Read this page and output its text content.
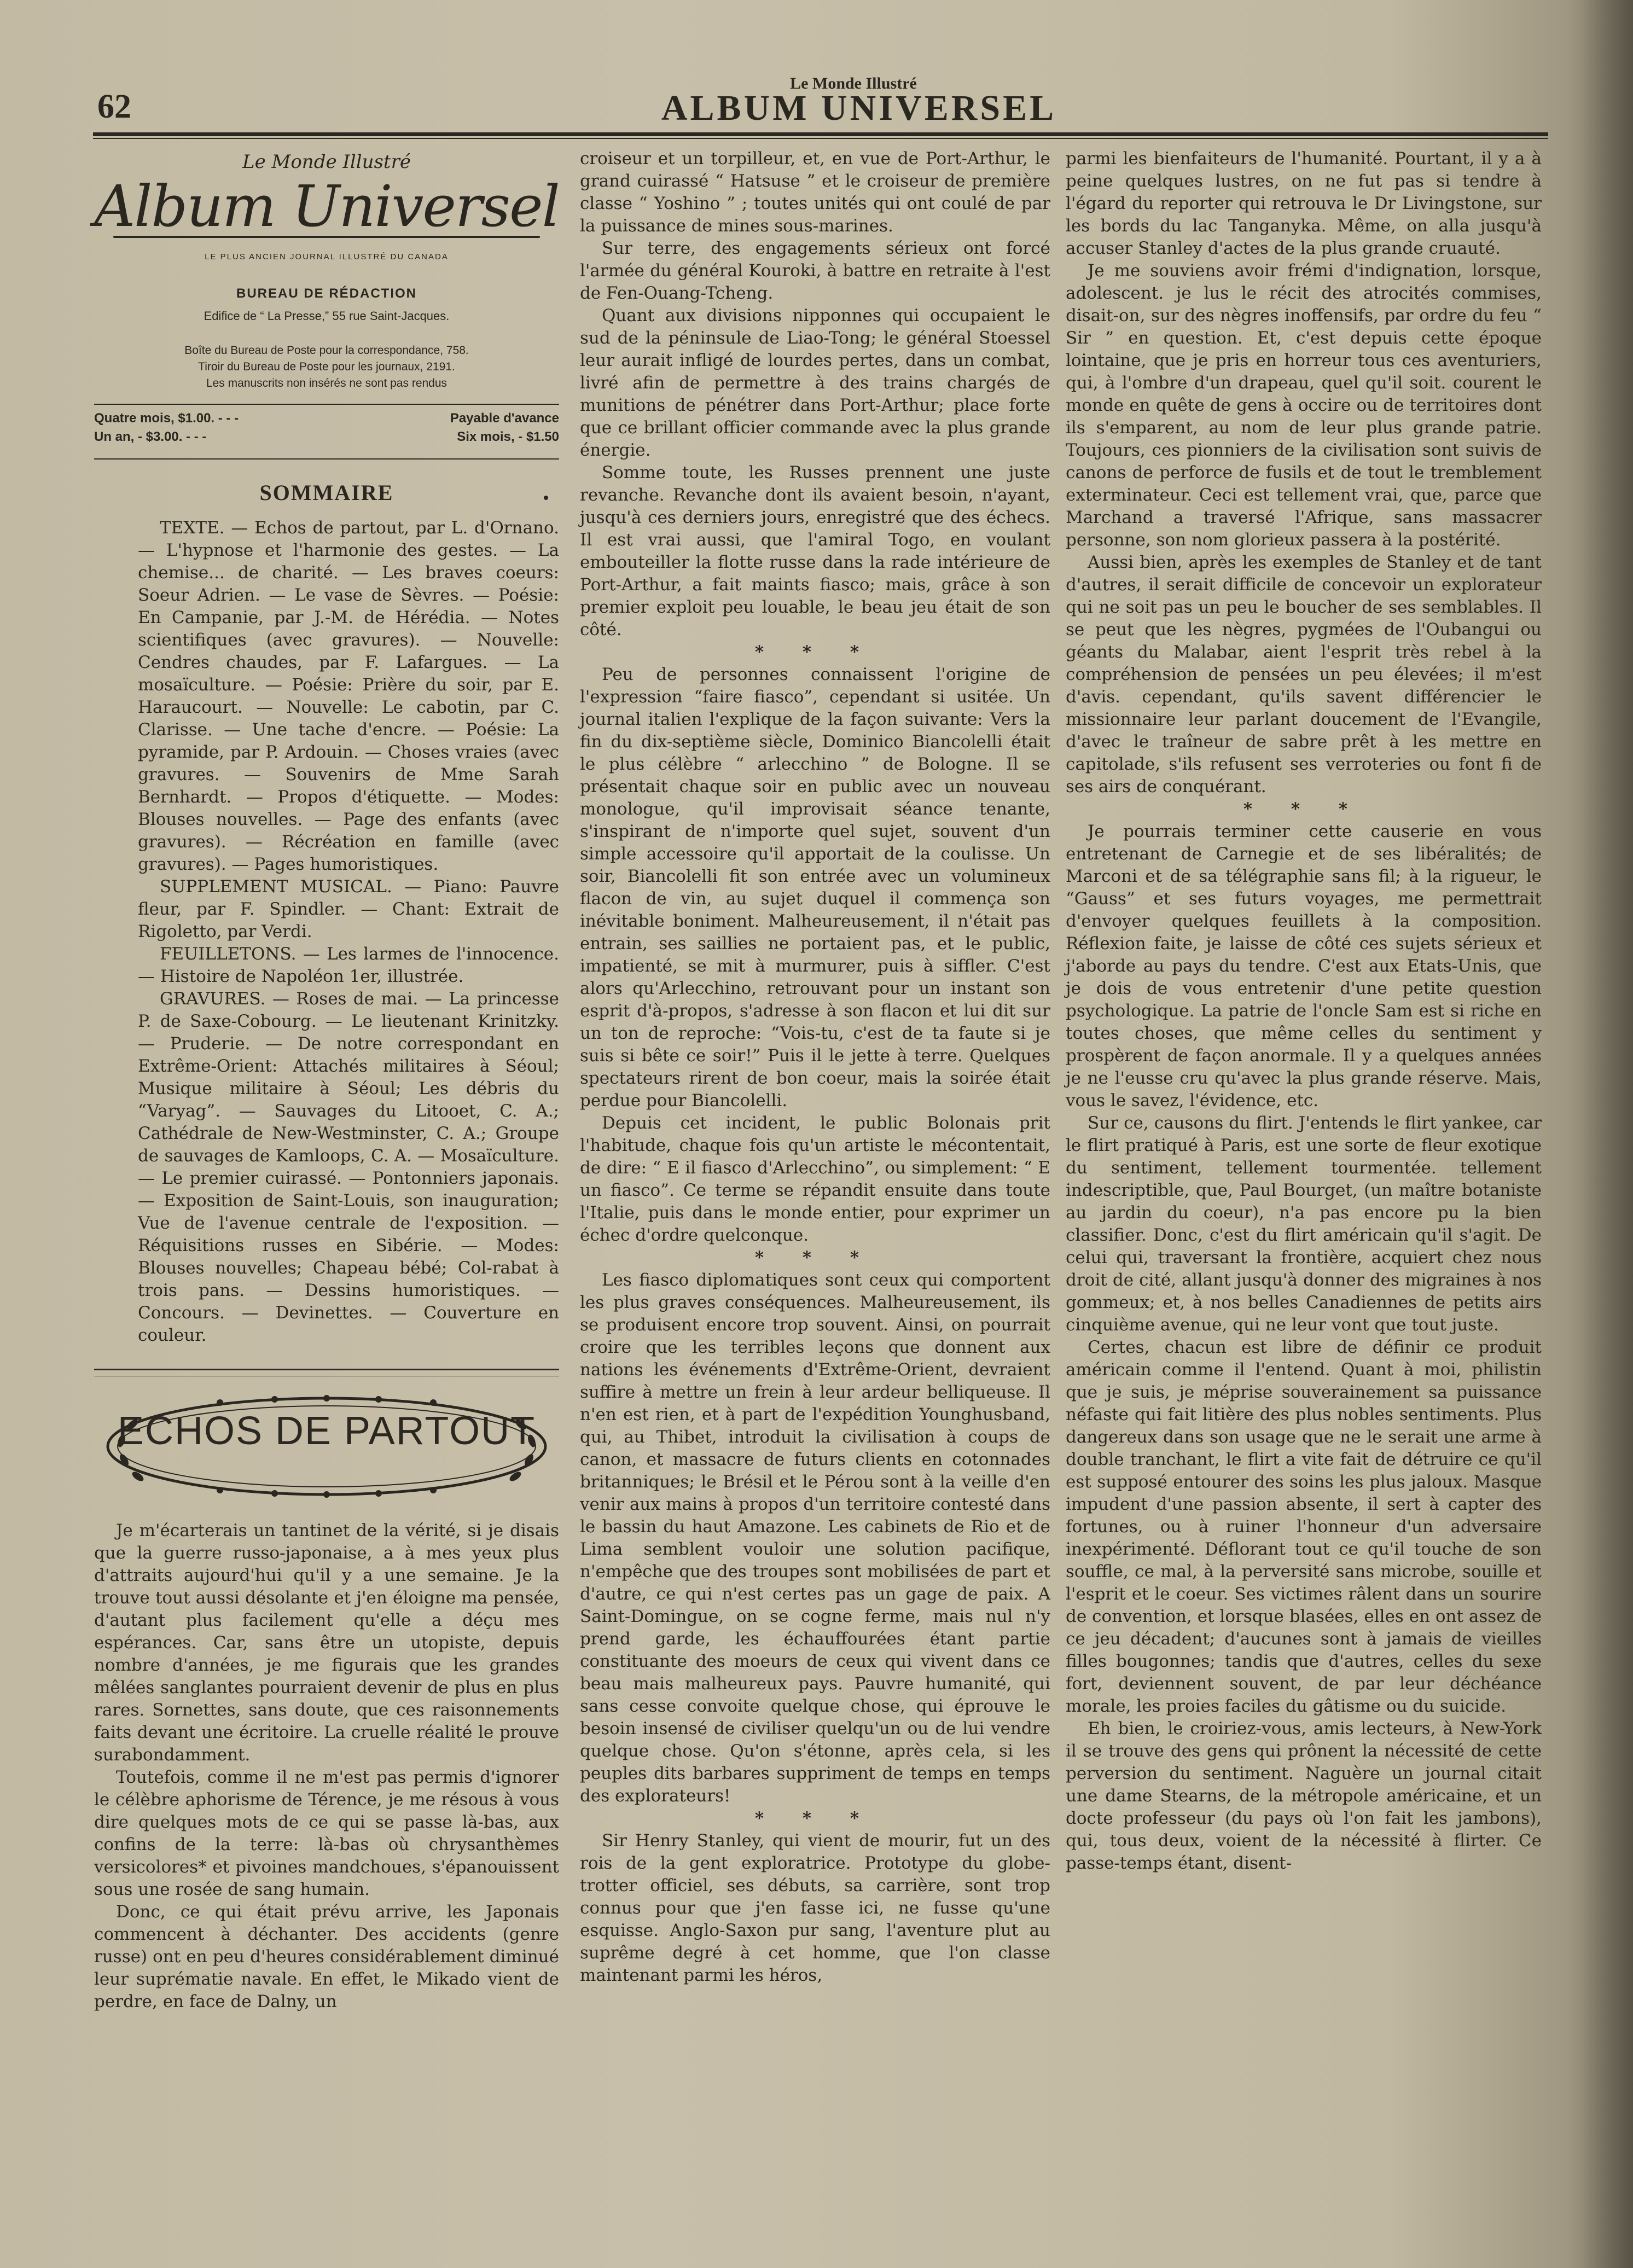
Le Monde Illustré
62	ALBUM UNIVERSEL
Le Monde Illustré
Album Universel
LE PLUS ANCIEN JOURNAL ILLUSTRÉ DU CANADA
BUREAU DE RÉDACTION
Edifice de “ La Presse,” 55 rue Saint-Jacques.
Boîte du Bureau de Poste pour la correspondance, 758.
Tiroir du Bureau de Poste pour les journaux, 2191.
Les manuscrits non insérés ne sont pas rendus
Quatre mois, $1.00. - - -	Payable d'avance
Un an, - $3.00. - - -	Six mois, - $1.50
SOMMAIRE

TEXTE. — Echos de partout, par L. d'Ornano. — L'hypnose et l'harmonie des gestes. — La chemise... de charité. — Les braves coeurs: Soeur Adrien. — Le vase de Sèvres. — Poésie: En Campanie, par J.-M. de Hérédia. — Notes scientifiques (avec gravures). — Nouvelle: Cendres chaudes, par F. Lafargues. — La mosaïculture. — Poésie: Prière du soir, par E. Haraucourt. — Nouvelle: Le cabotin, par C. Clarisse. — Une tache d'encre. — Poésie: La pyramide, par P. Ardouin. — Choses vraies (avec gravures. — Souvenirs de Mme Sarah Bernhardt. — Propos d'étiquette. — Modes: Blouses nouvelles. — Page des enfants (avec gravures). — Récréation en famille (avec gravures). — Pages humoristiques.

SUPPLEMENT MUSICAL. — Piano: Pauvre fleur, par F. Spindler. — Chant: Extrait de Rigoletto, par Verdi.

FEUILLETONS. — Les larmes de l'innocence. — Histoire de Napoléon 1er, illustrée.

GRAVURES. — Roses de mai. — La princesse P. de Saxe-Cobourg. — Le lieutenant Krinitzky. — Pruderie. — De notre correspondant en Extrême-Orient: Attachés militaires à Séoul; Musique militaire à Séoul; Les débris du “Varyag”. — Sauvages du Litooet, C. A.; Cathédrale de New-Westminster, C. A.; Groupe de sauvages de Kamloops, C. A. — Mosaïculture. — Le premier cuirassé. — Pontonniers japonais. — Exposition de Saint-Louis, son inauguration; Vue de l'avenue centrale de l'exposition. — Réquisitions russes en Sibérie. — Modes: Blouses nouvelles; Chapeau bébé; Col-rabat à trois pans. — Dessins humoristiques. — Concours. — Devinettes. — Couverture en couleur.

ECHOS DE PARTOUT

Je m'écarterais un tantinet de la vérité, si je disais que la guerre russo-japonaise, a à mes yeux plus d'attraits aujourd'hui qu'il y a une semaine. Je la trouve tout aussi désolante et j'en éloigne ma pensée, d'autant plus facilement qu'elle a déçu mes espérances. Car, sans être un utopiste, depuis nombre d'années, je me figurais que les grandes mêlées sanglantes pourraient devenir de plus en plus rares. Sornettes, sans doute, que ces raisonnements faits devant une écritoire. La cruelle réalité le prouve surabondamment.

Toutefois, comme il ne m'est pas permis d'ignorer le célèbre aphorisme de Térence, je me résous à vous dire quelques mots de ce qui se passe là-bas, aux confins de la terre: là-bas où chrysanthèmes versicolores* et pivoines mandchoues, s'épanouissent sous une rosée de sang humain.

Donc, ce qui était prévu arrive, les Japonais commencent à déchanter. Des accidents (genre russe) ont en peu d'heures considérablement diminué leur suprématie navale. En effet, le Mikado vient de perdre, en face de Dalny, un

croiseur et un torpilleur, et, en vue de Port-Arthur, le grand cuirassé “ Hatsuse ” et le croiseur de première classe “ Yoshino ” ; toutes unités qui ont coulé de par la puissance de mines sous-marines.

Sur terre, des engagements sérieux ont forcé l'armée du général Kouroki, à battre en retraite à l'est de Fen-Ouang-Tcheng.

Quant aux divisions nipponnes qui occupaient le sud de la péninsule de Liao-Tong; le général Stoessel leur aurait infligé de lourdes pertes, dans un combat, livré afin de permettre à des trains chargés de munitions de pénétrer dans Port-Arthur; place forte que ce brillant officier commande avec la plus grande énergie.

Somme toute, les Russes prennent une juste revanche. Revanche dont ils avaient besoin, n'ayant, jusqu'à ces derniers jours, enregistré que des échecs. Il est vrai aussi, que l'amiral Togo, en voulant embouteiller la flotte russe dans la rade intérieure de Port-Arthur, a fait maints fiasco; mais, grâce à son premier exploit peu louable, le beau jeu était de son côté.

* * *

Peu de personnes connaissent l'origine de l'expression “faire fiasco”, cependant si usitée. Un journal italien l'explique de la façon suivante: Vers la fin du dix-septième siècle, Dominico Biancolelli était le plus célèbre “ arlecchino ” de Bologne. Il se présentait chaque soir en public avec un nouveau monologue, qu'il improvisait séance tenante, s'inspirant de n'importe quel sujet, souvent d'un simple accessoire qu'il apportait de la coulisse. Un soir, Biancolelli fit son entrée avec un volumineux flacon de vin, au sujet duquel il commença son inévitable boniment. Malheureusement, il n'était pas entrain, ses saillies ne portaient pas, et le public, impatienté, se mit à murmurer, puis à siffler. C'est alors qu'Arlecchino, retrouvant pour un instant son esprit d'à-propos, s'adresse à son flacon et lui dit sur un ton de reproche: “Vois-tu, c'est de ta faute si je suis si bête ce soir!” Puis il le jette à terre. Quelques spectateurs rirent de bon coeur, mais la soirée était perdue pour Biancolelli.

Depuis cet incident, le public Bolonais prit l'habitude, chaque fois qu'un artiste le mécontentait, de dire: “ E il fiasco d'Arlecchino”, ou simplement: “ E un fiasco”. Ce terme se répandit ensuite dans toute l'Italie, puis dans le monde entier, pour exprimer un échec d'ordre quelconque.

* * *

Les fiasco diplomatiques sont ceux qui comportent les plus graves conséquences. Malheureusement, ils se produisent encore trop souvent. Ainsi, on pourrait croire que les terribles leçons que donnent aux nations les événements d'Extrême-Orient, devraient suffire à mettre un frein à leur ardeur belliqueuse. Il n'en est rien, et à part de l'expédition Younghusband, qui, au Thibet, introduit la civilisation à coups de canon, et massacre de futurs clients en cotonnades britanniques; le Brésil et le Pérou sont à la veille d'en venir aux mains à propos d'un territoire contesté dans le bassin du haut Amazone. Les cabinets de Rio et de Lima semblent vouloir une solution pacifique, n'empêche que des troupes sont mobilisées de part et d'autre, ce qui n'est certes pas un gage de paix. A Saint-Domingue, on se cogne ferme, mais nul n'y prend garde, les échauffourées étant partie constituante des moeurs de ceux qui vivent dans ce beau mais malheureux pays. Pauvre humanité, qui sans cesse convoite quelque chose, qui éprouve le besoin insensé de civiliser quelqu'un ou de lui vendre quelque chose. Qu'on s'étonne, après cela, si les peuples dits barbares suppriment de temps en temps des explorateurs!

* * *

Sir Henry Stanley, qui vient de mourir, fut un des rois de la gent exploratrice. Prototype du globe-trotter officiel, ses débuts, sa carrière, sont trop connus pour que j'en fasse ici, ne fusse qu'une esquisse. Anglo-Saxon pur sang, l'aventure plut au suprême degré à cet homme, que l'on classe maintenant parmi les héros,

parmi les bienfaiteurs de l'humanité. Pourtant, il y a à peine quelques lustres, on ne fut pas si tendre à l'égard du reporter qui retrouva le Dr Livingstone, sur les bords du lac Tanganyka. Même, on alla jusqu'à accuser Stanley d'actes de la plus grande cruauté.

Je me souviens avoir frémi d'indignation, lorsque, adolescent. je lus le récit des atrocités commises, disait-on, sur des nègres inoffensifs, par ordre du feu “ Sir ” en question. Et, c'est depuis cette époque lointaine, que je pris en horreur tous ces aventuriers, qui, à l'ombre d'un drapeau, quel qu'il soit. courent le monde en quête de gens à occire ou de territoires dont ils s'emparent, au nom de leur plus grande patrie. Toujours, ces pionniers de la civilisation sont suivis de canons de perforce de fusils et de tout le tremblement exterminateur. Ceci est tellement vrai, que, parce que Marchand a traversé l'Afrique, sans massacrer personne, son nom glorieux passera à la postérité.

Aussi bien, après les exemples de Stanley et de tant d'autres, il serait difficile de concevoir un explorateur qui ne soit pas un peu le boucher de ses semblables. Il se peut que les nègres, pygmées de l'Oubangui ou géants du Malabar, aient l'esprit très rebel à la compréhension de pensées un peu élevées; il m'est d'avis. cependant, qu'ils savent différencier le missionnaire leur parlant doucement de l'Evangile, d'avec le traîneur de sabre prêt à les mettre en capitolade, s'ils refusent ses verroteries ou font fi de ses airs de conquérant.

* * *

Je pourrais terminer cette causerie en vous entretenant de Carnegie et de ses libéralités; de Marconi et de sa télégraphie sans fil; à la rigueur, le “Gauss” et ses futurs voyages, me permettrait d'envoyer quelques feuillets à la composition. Réflexion faite, je laisse de côté ces sujets sérieux et j'aborde au pays du tendre. C'est aux Etats-Unis, que je dois de vous entretenir d'une petite question psychologique. La patrie de l'oncle Sam est si riche en toutes choses, que même celles du sentiment y prospèrent de façon anormale. Il y a quelques années je ne l'eusse cru qu'avec la plus grande réserve. Mais, vous le savez, l'évidence, etc.

Sur ce, causons du flirt. J'entends le flirt yankee, car le flirt pratiqué à Paris, est une sorte de fleur exotique du sentiment, tellement tourmentée. tellement indescriptible, que, Paul Bourget, (un maître botaniste au jardin du coeur), n'a pas encore pu la bien classifier. Donc, c'est du flirt américain qu'il s'agit. De celui qui, traversant la frontière, acquiert chez nous droit de cité, allant jusqu'à donner des migraines à nos gommeux; et, à nos belles Canadiennes de petits airs cinquième avenue, qui ne leur vont que tout juste.

Certes, chacun est libre de définir ce produit américain comme il l'entend. Quant à moi, philistin que je suis, je méprise souverainement sa puissance néfaste qui fait litière des plus nobles sentiments. Plus dangereux dans son usage que ne le serait une arme à double tranchant, le flirt a vite fait de détruire ce qu'il est supposé entourer des soins les plus jaloux. Masque impudent d'une passion absente, il sert à capter des fortunes, ou à ruiner l'honneur d'un adversaire inexpérimenté. Déflorant tout ce qu'il touche de son souffle, ce mal, à la perversité sans microbe, souille et l'esprit et le coeur. Ses victimes râlent dans un sourire de convention, et lorsque blasées, elles en ont assez de ce jeu décadent; d'aucunes sont à jamais de vieilles filles bougonnes; tandis que d'autres, celles du sexe fort, deviennent souvent, de par leur déchéance morale, les proies faciles du gâtisme ou du suicide.

Eh bien, le croiriez-vous, amis lecteurs, à New-York il se trouve des gens qui prônent la nécessité de cette perversion du sentiment. Naguère un journal citait une dame Stearns, de la métropole américaine, et un docte professeur (du pays où l'on fait les jambons), qui, tous deux, voient de la nécessité à flirter. Ce passe-temps étant, disent-
